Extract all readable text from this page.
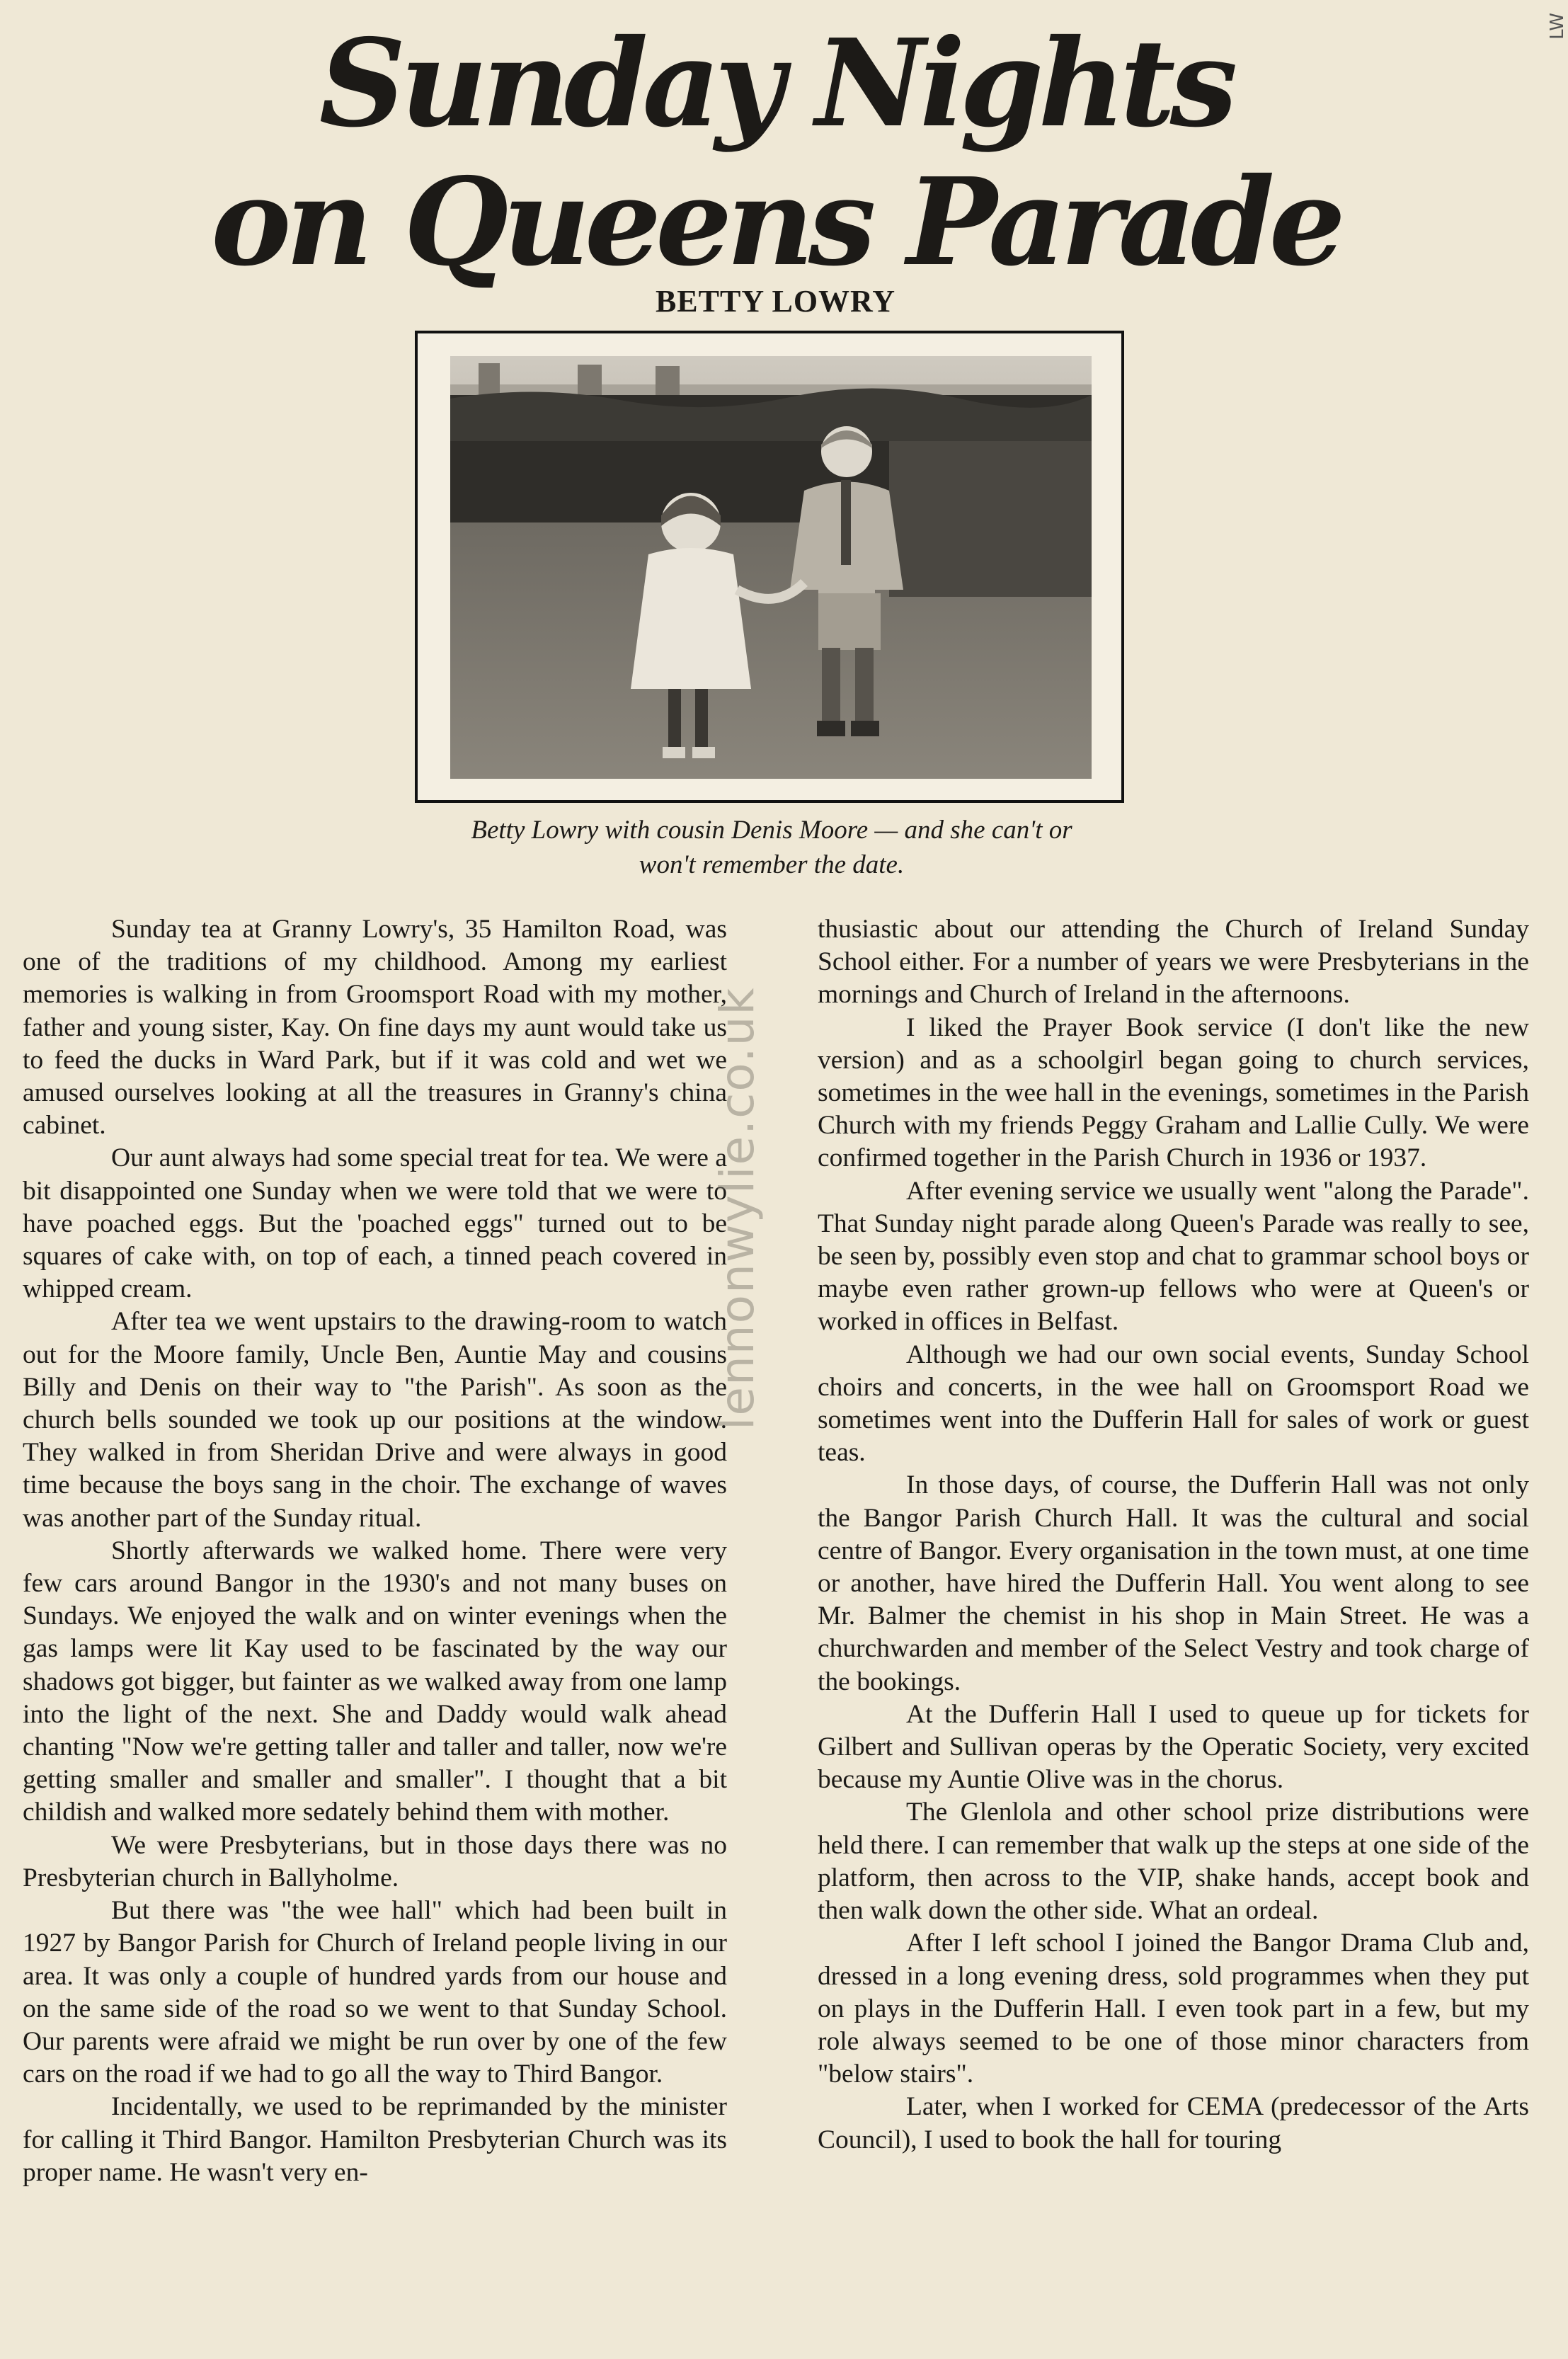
Sunday Nights
on Queens Parade
BETTY LOWRY
Betty Lowry with cousin Denis Moore — and she can't or
won't remember the date.

Sunday tea at Granny Lowry's, 35 Hamilton Road, was one of the traditions of my childhood. Among my earliest memories is walking in from Groomsport Road with my mother, father and young sister, Kay. On fine days my aunt would take us to feed the ducks in Ward Park, but if it was cold and wet we amused ourselves looking at all the treasures in Granny's china cabinet.

Our aunt always had some special treat for tea. We were a bit disappointed one Sunday when we were told that we were to have poached eggs. But the 'poached eggs" turned out to be squares of cake with, on top of each, a tinned peach covered in whipped cream.

After tea we went upstairs to the drawing-room to watch out for the Moore family, Uncle Ben, Auntie May and cousins Billy and Denis on their way to "the Parish". As soon as the church bells sounded we took up our positions at the window. They walked in from Sheridan Drive and were always in good time because the boys sang in the choir. The exchange of waves was another part of the Sunday ritual.

Shortly afterwards we walked home. There were very few cars around Bangor in the 1930's and not many buses on Sundays. We enjoyed the walk and on winter evenings when the gas lamps were lit Kay used to be fascinated by the way our shadows got bigger, but fainter as we walked away from one lamp into the light of the next. She and Daddy would walk ahead chanting "Now we're getting taller and taller and taller, now we're getting smaller and smaller and smaller". I thought that a bit childish and walked more sedately behind them with mother.

We were Presbyterians, but in those days there was no Presbyterian church in Ballyholme.

But there was "the wee hall" which had been built in 1927 by Bangor Parish for Church of Ireland people living in our area. It was only a couple of hundred yards from our house and on the same side of the road so we went to that Sunday School. Our parents were afraid we might be run over by one of the few cars on the road if we had to go all the way to Third Bangor.

Incidentally, we used to be reprimanded by the minister for calling it Third Bangor. Hamilton Presbyterian Church was its proper name. He wasn't very en-

thusiastic about our attending the Church of Ireland Sunday School either. For a number of years we were Presbyterians in the mornings and Church of Ireland in the afternoons.

I liked the Prayer Book service (I don't like the new version) and as a schoolgirl began going to church services, sometimes in the wee hall in the evenings, sometimes in the Parish Church with my friends Peggy Graham and Lallie Cully. We were confirmed together in the Parish Church in 1936 or 1937.

After evening service we usually went "along the Parade". That Sunday night parade along Queen's Parade was really to see, be seen by, possibly even stop and chat to grammar school boys or maybe even rather grown-up fellows who were at Queen's or worked in offices in Belfast.

Although we had our own social events, Sunday School choirs and concerts, in the wee hall on Groomsport Road we sometimes went into the Dufferin Hall for sales of work or guest teas.

In those days, of course, the Dufferin Hall was not only the Bangor Parish Church Hall. It was the cultural and social centre of Bangor. Every organisation in the town must, at one time or another, have hired the Dufferin Hall. You went along to see Mr. Balmer the chemist in his shop in Main Street. He was a churchwarden and member of the Select Vestry and took charge of the bookings.

At the Dufferin Hall I used to queue up for tickets for Gilbert and Sullivan operas by the Operatic Society, very excited because my Auntie Olive was in the chorus.

The Glenlola and other school prize distributions were held there. I can remember that walk up the steps at one side of the platform, then across to the VIP, shake hands, accept book and then walk down the other side. What an ordeal.

After I left school I joined the Bangor Drama Club and, dressed in a long evening dress, sold programmes when they put on plays in the Dufferin Hall. I even took part in a few, but my role always seemed to be one of those minor characters from "below stairs".

Later, when I worked for CEMA (predecessor of the Arts Council), I used to book the hall for touring

lennonwylie.co.uk
LW
